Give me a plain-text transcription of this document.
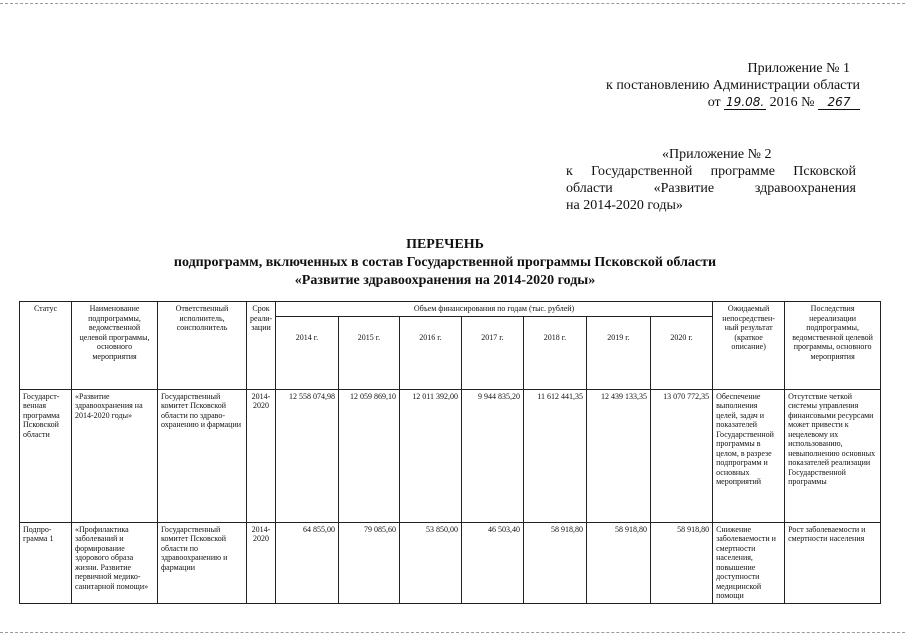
Приложение № 1
к постановлению Администрации области
от 19.08. 2016 № 267
«Приложение № 2
к Государственной программе Псковской
области «Развитие здравоохранения
на 2014-2020 годы»
ПЕРЕЧЕНЬ
подпрограмм, включенных в состав Государственной программы Псковской области
«Развитие здравоохранения на 2014-2020 годы»
Статус	Наименование подпрограммы, ведомственной целевой программы, основного мероприятия	Ответственный исполнитель, соисполнитель	Срок реали-зации	Объем финансирования по годам (тыс. рублей)							Ожидаемый непосредствен-ный результат (краткое описание)	Последствия нереализации подпрограммы, ведомственной целевой программы, основного мероприятия
				2014 г.	2015 г.	2016 г.	2017 г.	2018 г.	2019 г.	2020 г.		
Государст-венная программа Псковской области	«Развитие здравоохранения на 2014-2020 годы»	Государственный комитет Псковской области по здраво-охранению и фармации	2014-2020	12 558 074,98	12 059 869,10	12 011 392,00	9 944 835,20	11 612 441,35	12 439 133,35	13 070 772,35	Обеспечение выполнения целей, задач и показателей Государственной программы в целом, в разрезе подпрограмм и основных мероприятий	Отсутствие четкой системы управления финансовыми ресурсами может привести к нецелевому их использованию, невыполнению основных показателей реализации Государственной программы
Подпро-грамма 1	«Профилактика заболеваний и формирование здорового образа жизни. Развитие первичной медико-санитарной помощи»	Государственный комитет Псковской области по здравоохранению и фармации	2014-2020	64 855,00	79 085,60	53 850,00	46 503,40	58 918,80	58 918,80	58 918,80	Снижение заболеваемости и смертности населения, повышение доступности медицинской помощи	Рост заболеваемости и смертности населения
